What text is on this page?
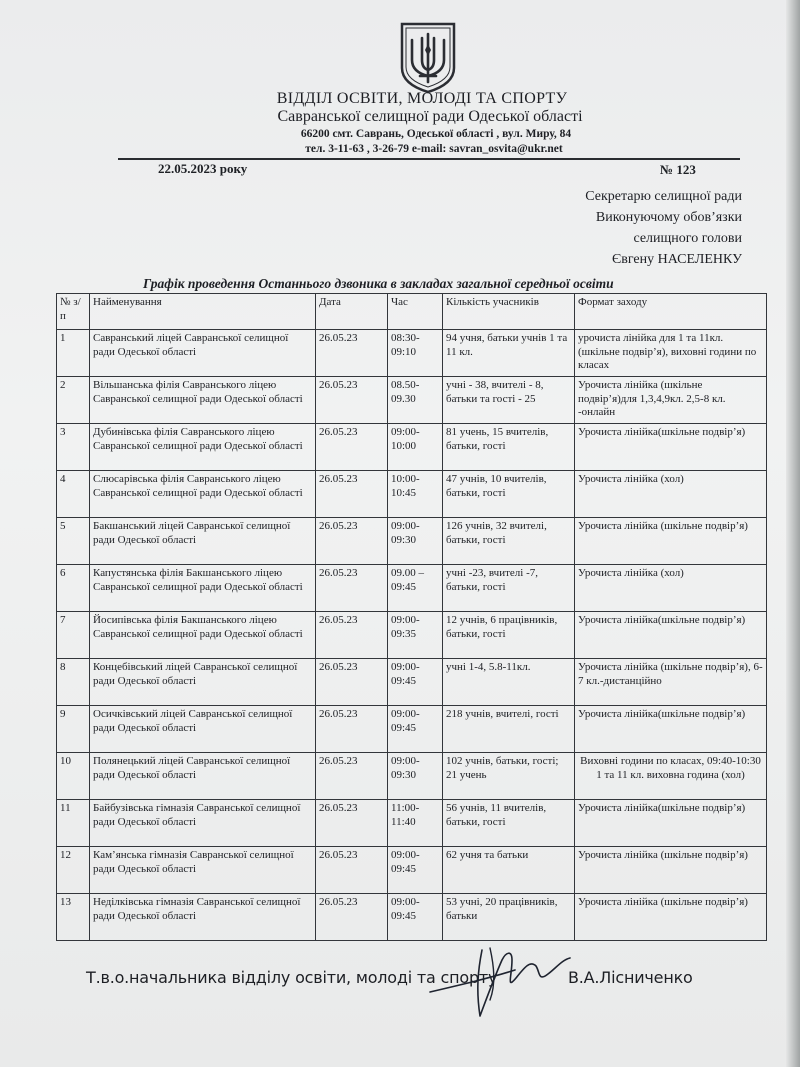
ВІДДІЛ ОСВІТИ, МОЛОДІ ТА СПОРТУ
Савранської селищної ради Одеської області
66200 смт. Саврань, Одеської області , вул. Миру, 84
тел. 3-11-63 , 3-26-79 e-mail: savran_osvita@ukr.net
22.05.2023 року	№ 123
Секретарю селищної ради
Виконуючому обов’язки
селищного голови
Євгену НАСЕЛЕНКУ
Графік проведення Останнього дзвоника в закладах загальної середньої освіти
№ з/п	Найменування	Дата	Час	Кількість учасників	Формат заходу
1	Савранський ліцей Савранської селищної ради Одеської області	26.05.23	08:30-09:10	94 учня, батьки учнів 1 та 11 кл.	урочиста лінійка для 1 та 11кл.(шкільне подвір’я), виховні години по класах
2	Вільшанська філія Савранського ліцею Савранської селищної ради Одеської області	26.05.23	08.50-09.30	учні - 38, вчителі - 8, батьки та гості - 25	Урочиста лінійка (шкільне подвір’я)для 1,3,4,9кл. 2,5-8 кл. -онлайн
3	Дубинівська філія Савранського ліцею Савранської селищної ради Одеської області	26.05.23	09:00-10:00	81 учень, 15 вчителів, батьки, гості	Урочиста лінійка(шкільне подвір’я)
4	Слюсарівська філія Савранського ліцею Савранської селищної ради Одеської області	26.05.23	10:00-10:45	47 учнів, 10 вчителів, батьки, гості	Урочиста лінійка (хол)
5	Бакшанський ліцей Савранської селищної ради Одеської області	26.05.23	09:00-09:30	126 учнів, 32 вчителі, батьки, гості	Урочиста лінійка (шкільне подвір’я)
6	Капустянська філія Бакшанського ліцею Савранської селищної ради Одеської області	26.05.23	09.00 – 09:45	учні -23, вчителі -7, батьки, гості	Урочиста лінійка (хол)
7	Йосипівська філія Бакшанського ліцею Савранської селищної ради Одеської області	26.05.23	09:00-09:35	12 учнів, 6 працівників, батьки, гості	Урочиста лінійка(шкільне подвір’я)
8	Концебівський ліцей Савранської селищної ради Одеської області	26.05.23	09:00-09:45	учні 1-4, 5.8-11кл.	Урочиста лінійка (шкільне подвір’я), 6-7 кл.-дистанційно
9	Осичківський ліцей Савранської селищної ради Одеської області	26.05.23	09:00-09:45	218 учнів, вчителі, гості	Урочиста лінійка(шкільне подвір’я)
10	Полянецький ліцей Савранської селищної ради Одеської області	26.05.23	09:00-09:30	102 учнів, батьки, гості; 21 учень	Виховні години по класах, 09:40-10:30 1 та 11 кл. виховна година (хол)
11	Байбузівська гімназія Савранської селищної ради Одеської області	26.05.23	11:00-11:40	56 учнів, 11 вчителів, батьки, гості	Урочиста лінійка(шкільне подвір’я)
12	Кам’янська гімназія Савранської селищної ради Одеської області	26.05.23	09:00-09:45	62 учня та батьки	Урочиста лінійка (шкільне подвір’я)
13	Неділківська гімназія Савранської селищної ради Одеської області	26.05.23	09:00-09:45	53 учні, 20 працівників, батьки	Урочиста лінійка (шкільне подвір’я)
Т.в.о.начальника відділу освіти, молоді та спорту	В.А.Лісниченко
